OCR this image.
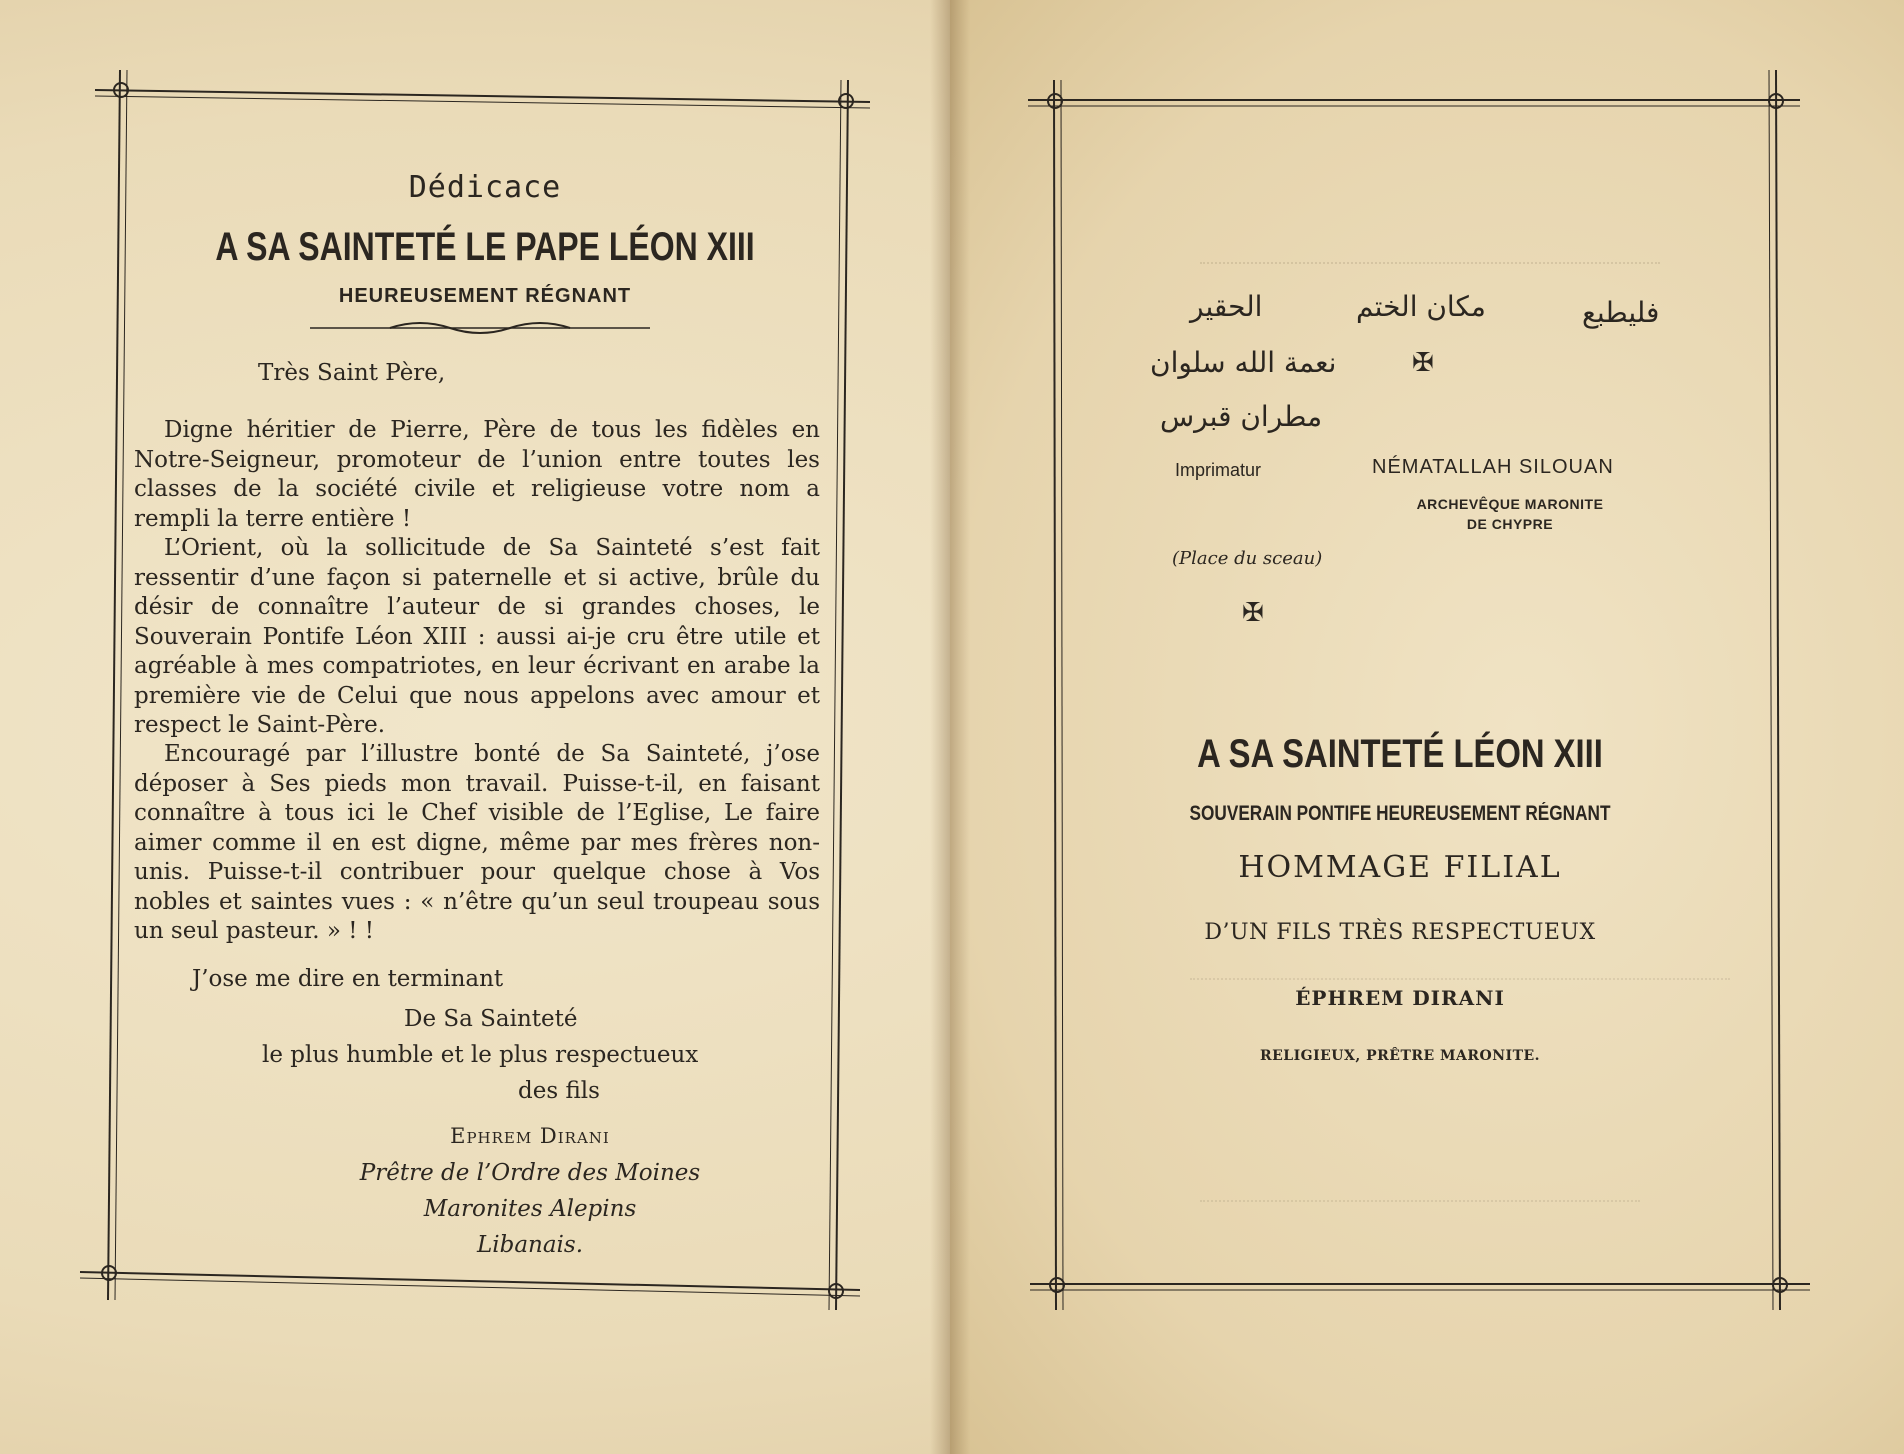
Dédicace
A SA SAINTETÉ LE PAPE LÉON XIII
HEUREUSEMENT RÉGNANT
Très Saint Père,
Digne héritier de Pierre, Père de tous les fidèles en Notre-Seigneur, promoteur de l’union entre toutes les classes de la société civile et religieuse votre nom a rempli la terre entière !
L’Orient, où la sollicitude de Sa Sainteté s’est fait ressentir d’une façon si paternelle et si active, brûle du désir de connaître l’auteur de si grandes choses, le Souverain Pontife Léon XIII : aussi ai-je cru être utile et agréable à mes compatriotes, en leur écrivant en arabe la première vie de Celui que nous appelons avec amour et respect le Saint-Père.
Encouragé par l’illustre bonté de Sa Sainteté, j’ose déposer à Ses pieds mon travail. Puisse-t-il, en faisant connaître à tous ici le Chef visible de l’Eglise, Le faire aimer comme il en est digne, même par mes frères non-unis. Puisse-t-il contribuer pour quelque chose à Vos nobles et saintes vues : « n’être qu’un seul troupeau sous un seul pasteur. » ! !
J’ose me dire en terminant
De Sa Sainteté
le plus humble et le plus respectueux
des fils
Ephrem Dirani
Prêtre de l’Ordre des Moines
Maronites Alepins
Libanais.
فليطبع
مكان الختم
الحقير
نعمة الله سلوان
مطران قبرس
✠
✠
Imprimatur	NÉMATALLAH SILOUAN
ARCHEVÊQUE MARONITE
DE CHYPRE
(Place du sceau)
A SA SAINTETÉ LÉON XIII
SOUVERAIN PONTIFE HEUREUSEMENT RÉGNANT
HOMMAGE FILIAL
D’UN FILS TRÈS RESPECTUEUX
ÉPHREM DIRANI
RELIGIEUX, PRÊTRE MARONITE.
